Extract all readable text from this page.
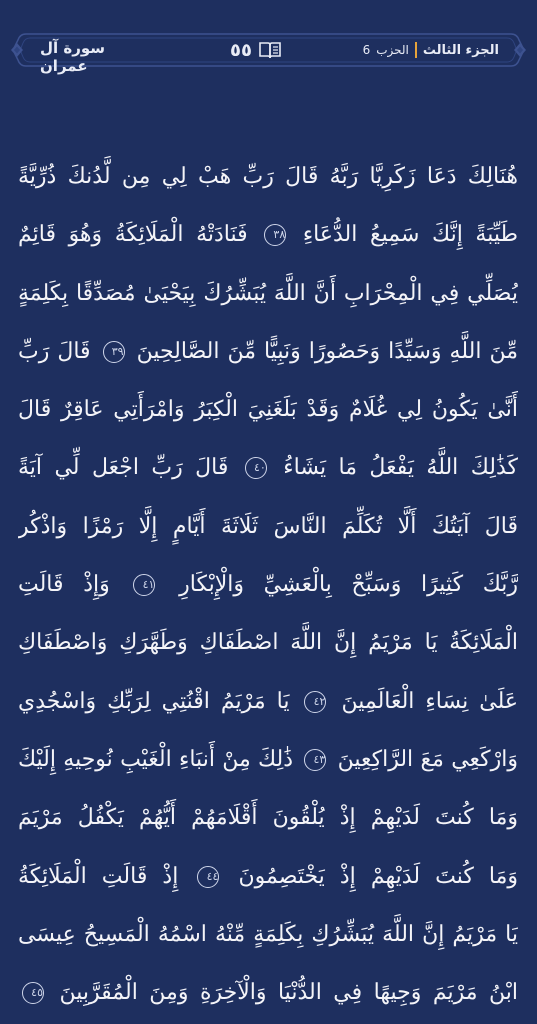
سورة آل عمران
٥٥	الجزء الثالث
الحزب
6
هُنَالِكَ دَعَا زَكَرِيَّا رَبَّهُ قَالَ رَبِّ هَبْ لِي مِن لَّدُنكَ ذُرِّيَّةً
طَيِّبَةً إِنَّكَ سَمِيعُ الدُّعَاءِ ٣٨ فَنَادَتْهُ الْمَلَائِكَةُ وَهُوَ قَائِمٌ
يُصَلِّي فِي الْمِحْرَابِ أَنَّ اللَّهَ يُبَشِّرُكَ بِيَحْيَىٰ مُصَدِّقًا بِكَلِمَةٍ
مِّنَ اللَّهِ وَسَيِّدًا وَحَصُورًا وَنَبِيًّا مِّنَ الصَّالِحِينَ ٣٩ قَالَ رَبِّ
أَنَّىٰ يَكُونُ لِي غُلَامٌ وَقَدْ بَلَغَنِيَ الْكِبَرُ وَامْرَأَتِي عَاقِرٌ قَالَ
كَذَٰلِكَ اللَّهُ يَفْعَلُ مَا يَشَاءُ ٤٠ قَالَ رَبِّ اجْعَل لِّي آيَةً
قَالَ آيَتُكَ أَلَّا تُكَلِّمَ النَّاسَ ثَلَاثَةَ أَيَّامٍ إِلَّا رَمْزًا وَاذْكُر
رَّبَّكَ كَثِيرًا وَسَبِّحْ بِالْعَشِيِّ وَالْإِبْكَارِ ٤١ وَإِذْ قَالَتِ
الْمَلَائِكَةُ يَا مَرْيَمُ إِنَّ اللَّهَ اصْطَفَاكِ وَطَهَّرَكِ وَاصْطَفَاكِ
عَلَىٰ نِسَاءِ الْعَالَمِينَ ٤٢ يَا مَرْيَمُ اقْنُتِي لِرَبِّكِ وَاسْجُدِي
وَارْكَعِي مَعَ الرَّاكِعِينَ ٤٣ ذَٰلِكَ مِنْ أَنبَاءِ الْغَيْبِ نُوحِيهِ إِلَيْكَ
وَمَا كُنتَ لَدَيْهِمْ إِذْ يُلْقُونَ أَقْلَامَهُمْ أَيُّهُمْ يَكْفُلُ مَرْيَمَ
وَمَا كُنتَ لَدَيْهِمْ إِذْ يَخْتَصِمُونَ ٤٤ إِذْ قَالَتِ الْمَلَائِكَةُ
يَا مَرْيَمُ إِنَّ اللَّهَ يُبَشِّرُكِ بِكَلِمَةٍ مِّنْهُ اسْمُهُ الْمَسِيحُ عِيسَى
ابْنُ مَرْيَمَ وَجِيهًا فِي الدُّنْيَا وَالْآخِرَةِ وَمِنَ الْمُقَرَّبِينَ ٤٥
